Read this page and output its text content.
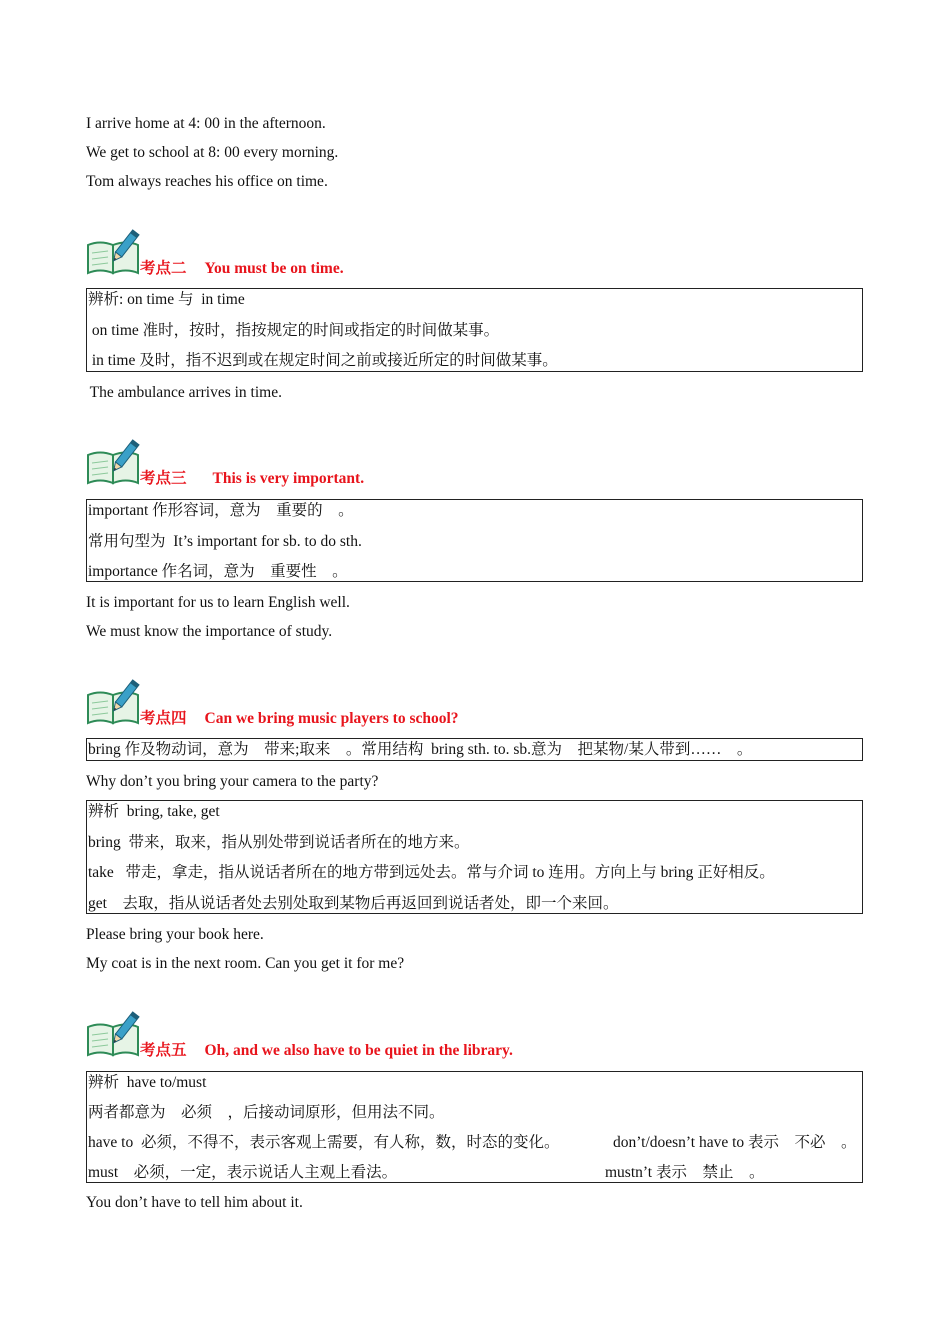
I arrive home at 4: 00 in the afternoon.
We get to school at 8: 00 every morning.
Tom always reaches his office on time.
考点二 You must be on time.
辨析: on time 与  in time
on time 准时，按时，指按规定的时间或指定的时间做某事。
in time 及时，指不迟到或在规定时间之前或接近所定的时间做某事。
The ambulance arrives in time.
考点三 This is very important.
important 作形容词，意为    重要的    。
常用句型为  It’s important for sb. to do sth.
importance 作名词，意为    重要性    。
It is important for us to learn English well.
We must know the importance of study.
考点四 Can we bring music players to school?
bring 作及物动词，意为    带来;取来    。常用结构  bring sth. to. sb.意为    把某物/某人带到……    。
Why don’t you bring your camera to the party?
辨析  bring, take, get
bring  带来，取来，指从别处带到说话者所在的地方来。
take   带走，拿走，指从说话者所在的地方带到远处去。常与介词 to 连用。方向上与 bring 正好相反。
get    去取，指从说话者处去别处取到某物后再返回到说话者处，即一个来回。
Please bring your book here.
My coat is in the next room. Can you get it for me?
考点五 Oh, and we also have to be quiet in the library.
辨析  have to/must
两者都意为    必须    ，后接动词原形，但用法不同。
have to  必须，不得不，表示客观上需要，有人称，数，时态的变化。	don’t/doesn’t have to 表示    不必    。
must    必须，一定，表示说话人主观上看法。	mustn’t 表示    禁止    。
You don’t have to tell him about it.
